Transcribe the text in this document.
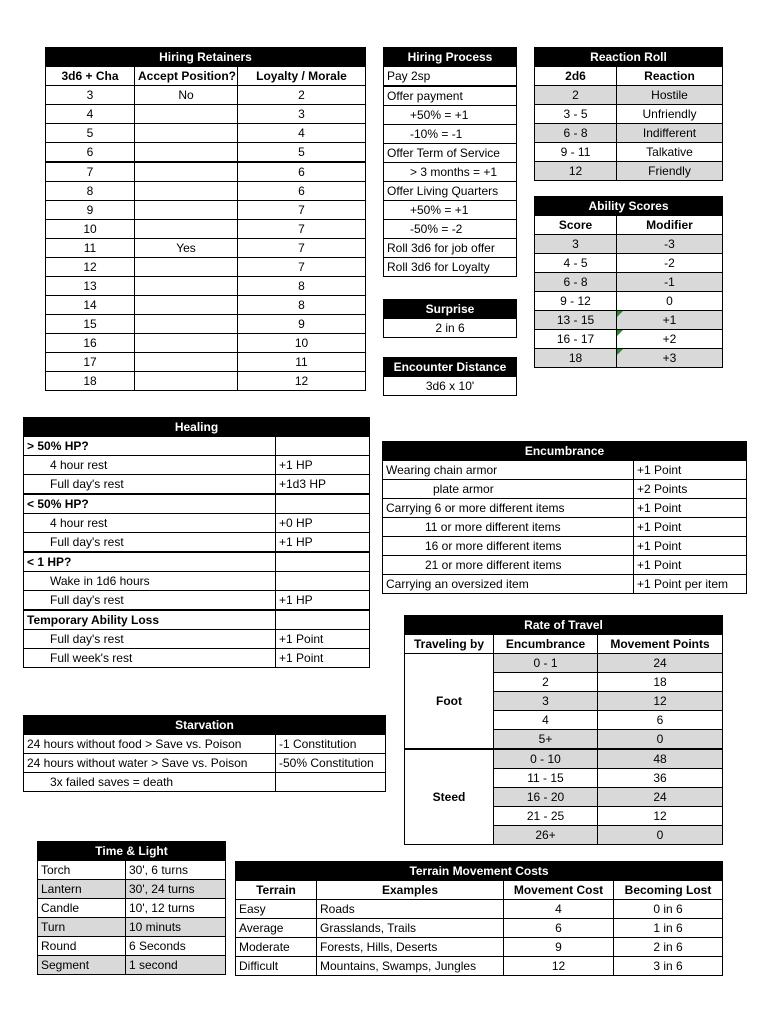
Hiring Retainers		
3d6 + Cha	Accept Position?	Loyalty / Morale
3	No	2
4		3
5		4
6		5
7		6
8		6
9		7
10		7
11	Yes	7
12		7
13		8
14		8
15		9
16		10
17		11
18		12
Hiring Process
Pay 2sp
Offer payment
+50% = +1
-10% = -1
Offer Term of Service
> 3 months = +1
Offer Living Quarters
+50% = +1
-50% = -2
Roll 3d6 for job offer
Roll 3d6 for Loyalty
Surprise
2 in 6
Encounter Distance
3d6 x 10'
Reaction Roll	
2d6	Reaction
2	Hostile
3 - 5	Unfriendly
6 - 8	Indifferent
9 - 11	Talkative
12	Friendly
Ability Scores	
Score	Modifier
3	-3
4 - 5	-2
6 - 8	-1
9 - 12	0
13 - 15	+1
16 - 17	+2
18	+3
Healing	
> 50% HP?	
4 hour rest	+1 HP
Full day's rest	+1d3 HP
< 50% HP?	
4 hour rest	+0 HP
Full day's rest	+1 HP
< 1 HP?	
Wake in 1d6 hours	
Full day's rest	+1 HP
Temporary Ability Loss	
Full day's rest	+1 Point
Full week's rest	+1 Point
Encumbrance	
Wearing chain armor	+1 Point
plate armor	+2 Points
Carrying 6 or more different items	+1 Point
11 or more different items	+1 Point
16 or more different items	+1 Point
21 or more different items	+1 Point
Carrying an oversized item	+1 Point per item
Rate of Travel		
Traveling by	Encumbrance	Movement Points
Foot	0 - 1	24
	2	18
	3	12
	4	6
	5+	0
Steed	0 - 10	48
	11 - 15	36
	16 - 20	24
	21 - 25	12
	26+	0
Starvation	
24 hours without food > Save vs. Poison	-1 Constitution
24 hours without water > Save vs. Poison	-50% Constitution
3x failed saves = death	
Time & Light	
Torch	30', 6 turns
Lantern	30', 24 turns
Candle	10', 12 turns
Turn	10 minuts
Round	6 Seconds
Segment	1 second
Terrain Movement Costs			
Terrain	Examples	Movement Cost	Becoming Lost
Easy	Roads	4	0 in 6
Average	Grasslands, Trails	6	1 in 6
Moderate	Forests, Hills, Deserts	9	2 in 6
Difficult	Mountains, Swamps, Jungles	12	3 in 6
